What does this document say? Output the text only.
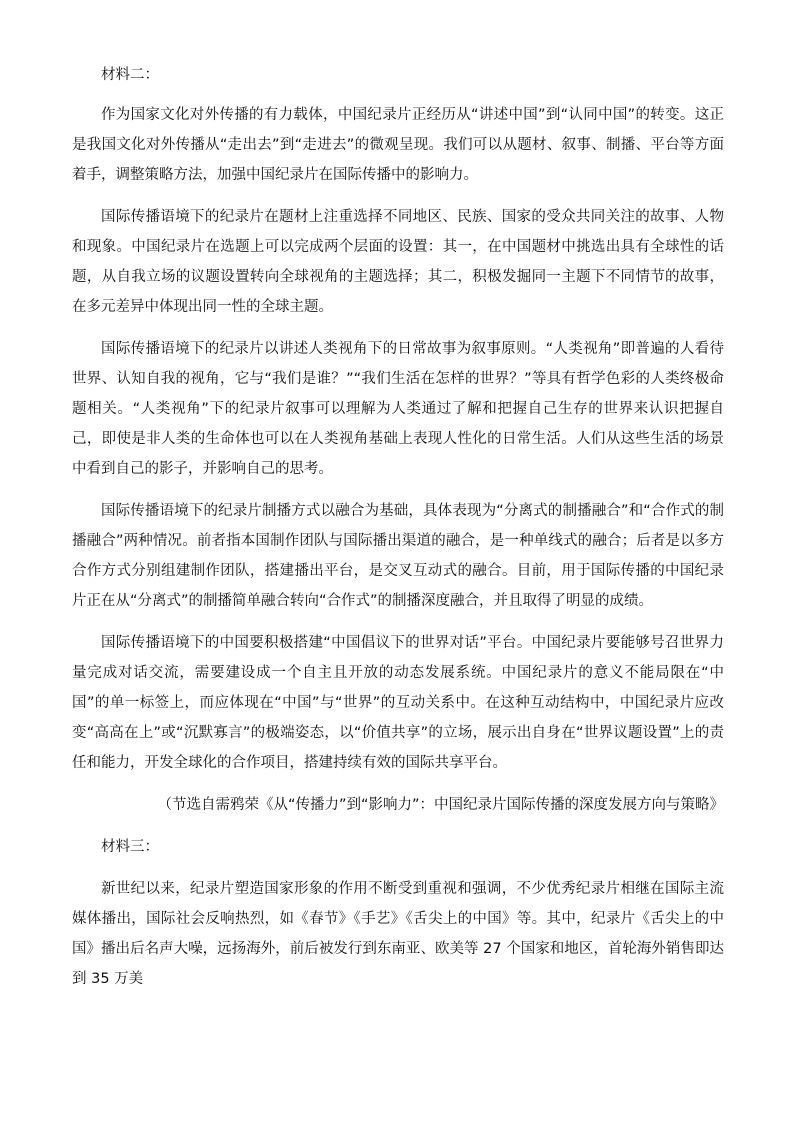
材料二：

作为国家文化对外传播的有力载体，中国纪录片正经历从“讲述中国”到“认同中国”的转变。这正是我国文化对外传播从“走出去”到“走进去”的微观呈现。我们可以从题材、叙事、制播、平台等方面着手，调整策略方法，加强中国纪录片在国际传播中的影响力。

国际传播语境下的纪录片在题材上注重选择不同地区、民族、国家的受众共同关注的故事、人物和现象。中国纪录片在选题上可以完成两个层面的设置：其一，在中国题材中挑选出具有全球性的话题，从自我立场的议题设置转向全球视角的主题选择；其二，积极发掘同一主题下不同情节的故事，在多元差异中体现出同一性的全球主题。

国际传播语境下的纪录片以讲述人类视角下的日常故事为叙事原则。“人类视角”即普遍的人看待世界、认知自我的视角，它与“我们是谁？”“我们生活在怎样的世界？”等具有哲学色彩的人类终极命题相关。“人类视角”下的纪录片叙事可以理解为人类通过了解和把握自己生存的世界来认识把握自己，即使是非人类的生命体也可以在人类视角基础上表现人性化的日常生活。人们从这些生活的场景中看到自己的影子，并影响自己的思考。

国际传播语境下的纪录片制播方式以融合为基础，具体表现为“分离式的制播融合”和“合作式的制播融合”两种情况。前者指本国制作团队与国际播出渠道的融合，是一种单线式的融合；后者是以多方合作方式分别组建制作团队，搭建播出平台，是交叉互动式的融合。目前，用于国际传播的中国纪录片正在从“分离式”的制播简单融合转向“合作式”的制播深度融合，并且取得了明显的成绩。

国际传播语境下的中国要积极搭建“中国倡议下的世界对话”平台。中国纪录片要能够号召世界力量完成对话交流，需要建设成一个自主且开放的动态发展系统。中国纪录片的意义不能局限在“中国”的单一标签上，而应体现在“中国”与“世界”的互动关系中。在这种互动结构中，中国纪录片应改变“高高在上”或“沉默寡言”的极端姿态，以“价值共享”的立场，展示出自身在“世界议题设置”上的责任和能力，开发全球化的合作项目，搭建持续有效的国际共享平台。

（节选自需鸦荣《从“传播力”到“影响力”：中国纪录片国际传播的深度发展方向与策略》

材料三：

新世纪以来，纪录片塑造国家形象的作用不断受到重视和强调，不少优秀纪录片相继在国际主流媒体播出，国际社会反响热烈，如《春节》《手艺》《舌尖上的中国》等。其中，纪录片《舌尖上的中国》播出后名声大噪，远扬海外，前后被发行到东南亚、欧美等 27 个国家和地区，首轮海外销售即达到 35 万美
